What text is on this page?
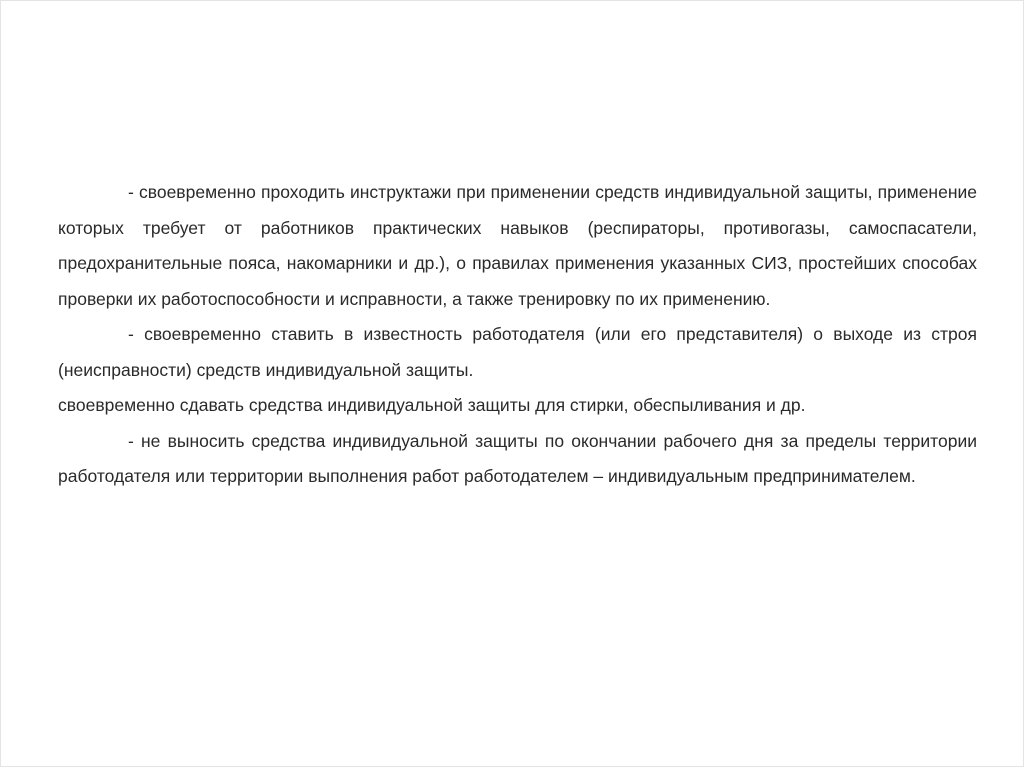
- своевременно проходить инструктажи при применении средств индивидуальной защиты, применение которых требует от работников практических навыков (респираторы, противогазы, самоспасатели, предохранительные пояса, накомарники и др.), о правилах применения указанных СИЗ, простейших способах проверки их работоспособности и исправности, а также тренировку по их применению.

- своевременно ставить в известность работодателя (или его представителя) о выходе из строя (неисправности) средств индивидуальной защиты.

своевременно сдавать средства индивидуальной защиты для стирки, обеспыливания и др.

- не выносить средства индивидуальной защиты по окончании рабочего дня за пределы территории работодателя или территории выполнения работ работодателем – индивидуальным предпринимателем.
